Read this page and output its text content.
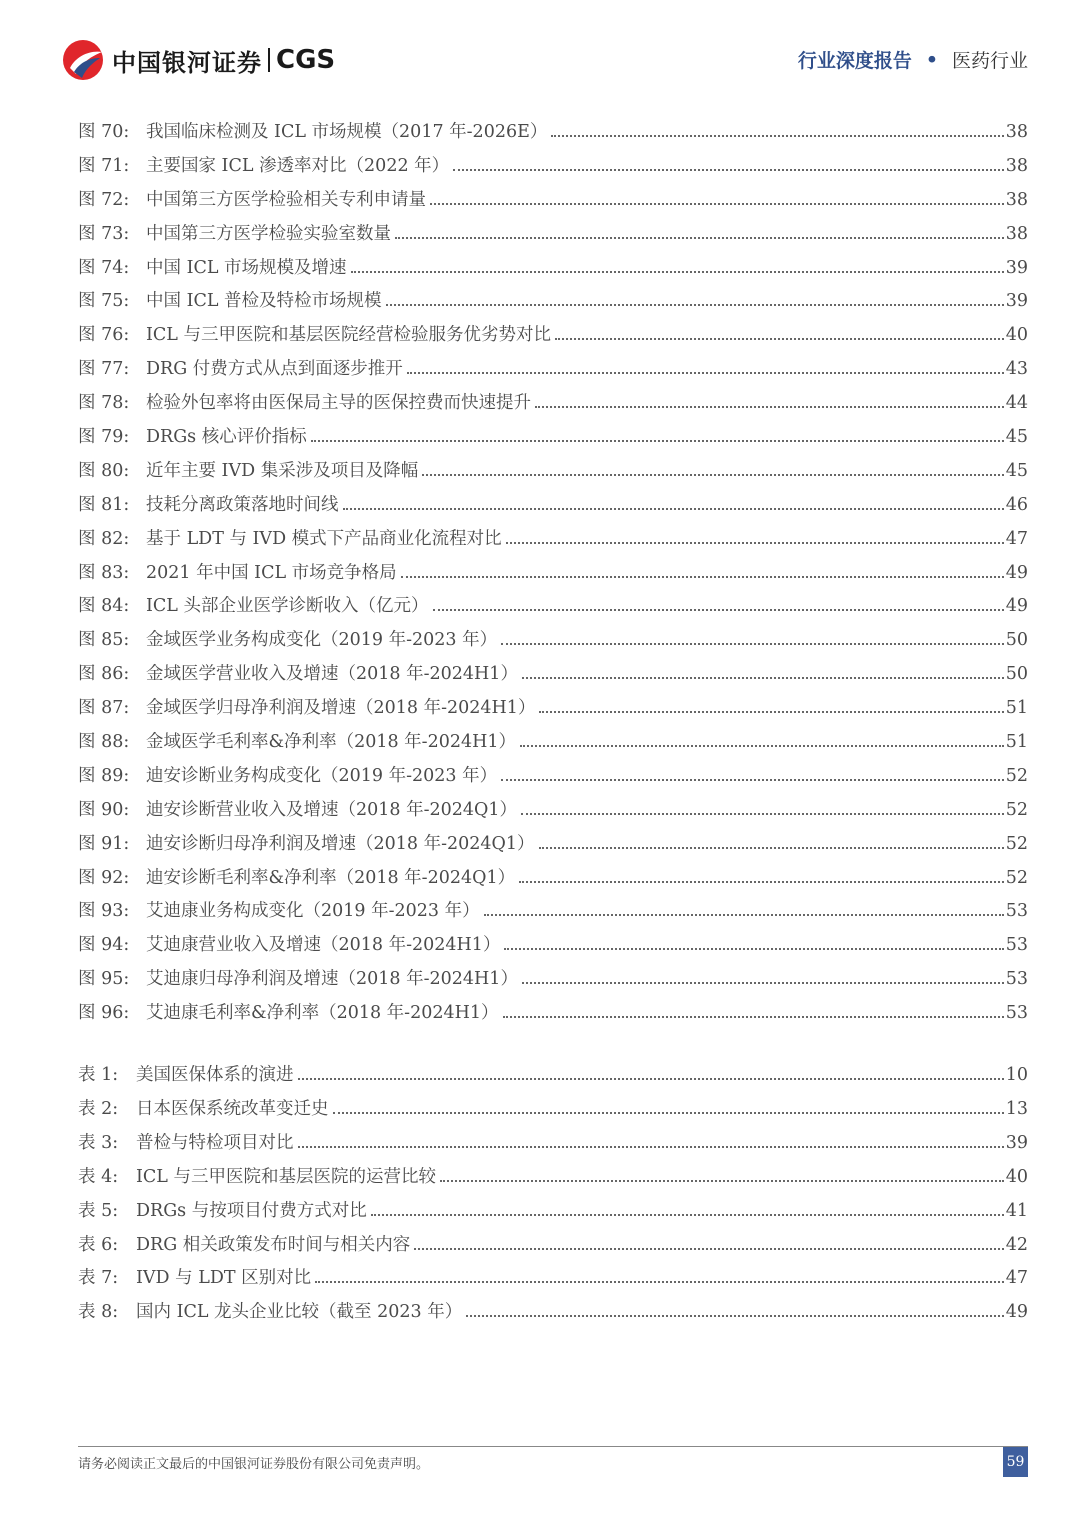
中国银河证券 CGS	行业深度报告 • 医药行业
图 70: 我国临床检测及 ICL 市场规模（2017 年-2026E）	38
图 71: 主要国家 ICL 渗透率对比（2022 年）	38
图 72: 中国第三方医学检验相关专利申请量	38
图 73: 中国第三方医学检验实验室数量	38
图 74: 中国 ICL 市场规模及增速	39
图 75: 中国 ICL 普检及特检市场规模	39
图 76: ICL 与三甲医院和基层医院经营检验服务优劣势对比	40
图 77: DRG 付费方式从点到面逐步推开	43
图 78: 检验外包率将由医保局主导的医保控费而快速提升	44
图 79: DRGs 核心评价指标	45
图 80: 近年主要 IVD 集采涉及项目及降幅	45
图 81: 技耗分离政策落地时间线	46
图 82: 基于 LDT 与 IVD 模式下产品商业化流程对比	47
图 83: 2021 年中国 ICL 市场竞争格局	49
图 84: ICL 头部企业医学诊断收入（亿元）	49
图 85: 金域医学业务构成变化（2019 年-2023 年）	50
图 86: 金域医学营业收入及增速（2018 年-2024H1）	50
图 87: 金域医学归母净利润及增速（2018 年-2024H1）	51
图 88: 金域医学毛利率&净利率（2018 年-2024H1）	51
图 89: 迪安诊断业务构成变化（2019 年-2023 年）	52
图 90: 迪安诊断营业收入及增速（2018 年-2024Q1）	52
图 91: 迪安诊断归母净利润及增速（2018 年-2024Q1）	52
图 92: 迪安诊断毛利率&净利率（2018 年-2024Q1）	52
图 93: 艾迪康业务构成变化（2019 年-2023 年）	53
图 94: 艾迪康营业收入及增速（2018 年-2024H1）	53
图 95: 艾迪康归母净利润及增速（2018 年-2024H1）	53
图 96: 艾迪康毛利率&净利率（2018 年-2024H1）	53
表 1:	美国医保体系的演进	10
表 2:	日本医保系统改革变迁史	13
表 3:	普检与特检项目对比	39
表 4:	ICL 与三甲医院和基层医院的运营比较	40
表 5:	DRGs 与按项目付费方式对比	41
表 6:	DRG 相关政策发布时间与相关内容	42
表 7:	IVD 与 LDT 区别对比	47
表 8:	国内 ICL 龙头企业比较（截至 2023 年）	49
请务必阅读正文最后的中国银河证券股份有限公司免责声明。	59
